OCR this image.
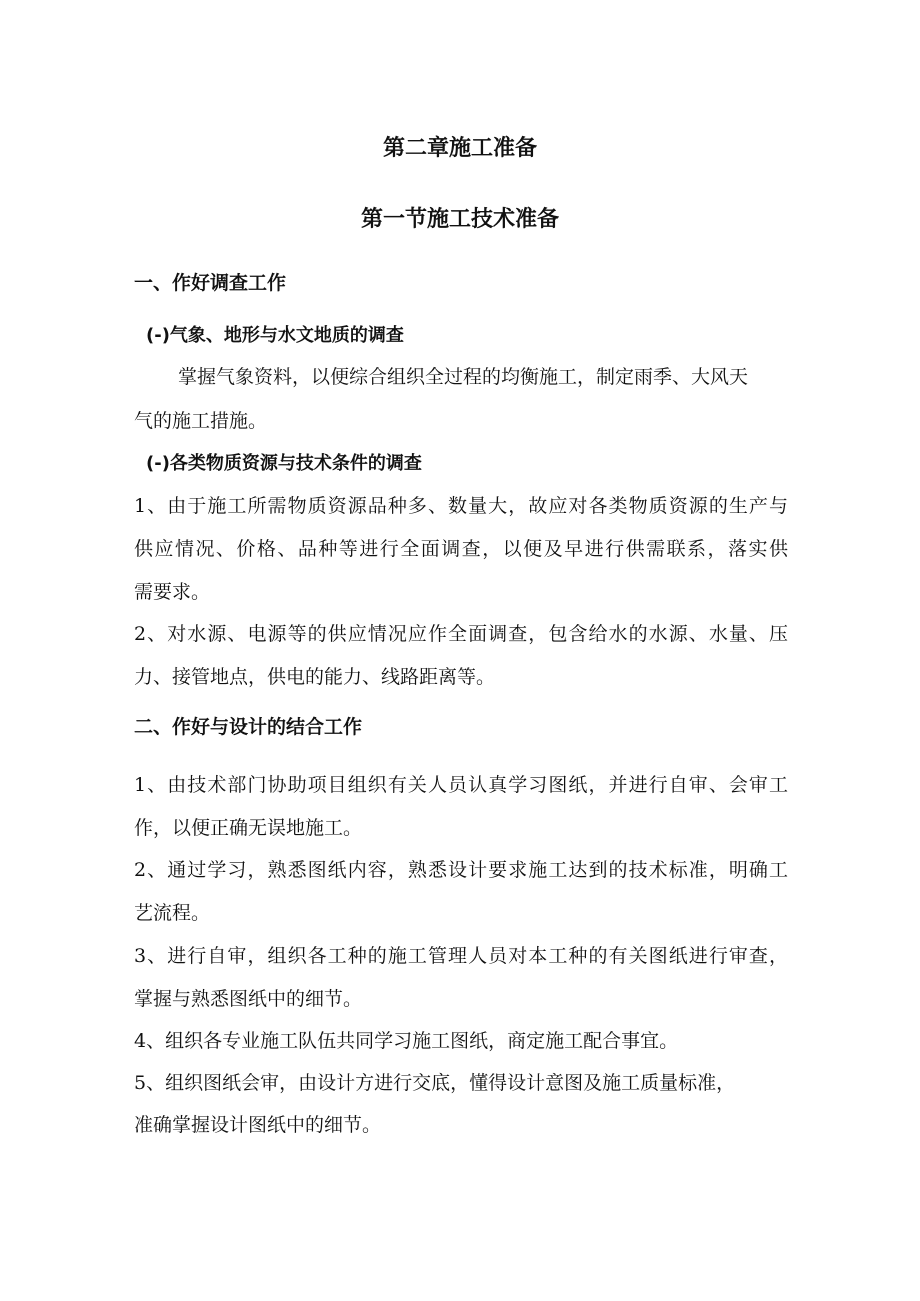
第二章施工准备
第一节施工技术准备

一、作好调查工作

(-)气象、地形与水文地质的调查

掌握气象资料，以便综合组织全过程的均衡施工，制定雨季、大风天

气的施工措施。

(-)各类物质资源与技术条件的调查

1、由于施工所需物质资源品种多、数量大，故应对各类物质资源的生产与

供应情况、价格、品种等进行全面调查，以便及早进行供需联系，落实供

需要求。

2、对水源、电源等的供应情况应作全面调查，包含给水的水源、水量、压

力、接管地点，供电的能力、线路距离等。

二、作好与设计的结合工作

1、由技术部门协助项目组织有关人员认真学习图纸，并进行自审、会审工

作，以便正确无误地施工。

2、通过学习，熟悉图纸内容，熟悉设计要求施工达到的技术标准，明确工

艺流程。

3、进行自审，组织各工种的施工管理人员对本工种的有关图纸进行审查，

掌握与熟悉图纸中的细节。

4、组织各专业施工队伍共同学习施工图纸，商定施工配合事宜。

5、组织图纸会审，由设计方进行交底，懂得设计意图及施工质量标准，

准确掌握设计图纸中的细节。
